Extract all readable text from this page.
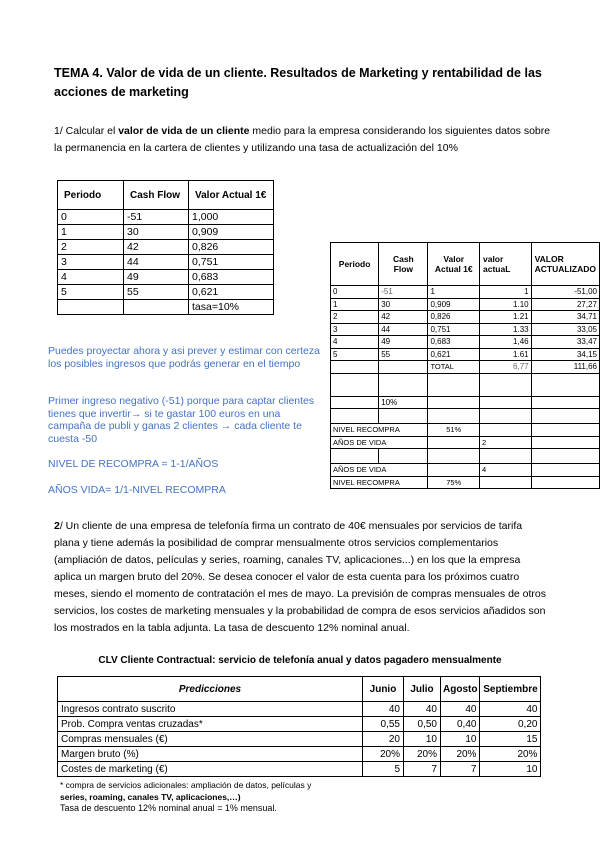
TEMA 4. Valor de vida de un cliente. Resultados de Marketing y rentabilidad de las acciones de marketing
1/ Calcular el valor de vida de un cliente medio para la empresa considerando los siguientes datos sobre la permanencia en la cartera de clientes y utilizando una tasa de actualización del 10%
Periodo	Cash Flow	Valor Actual 1€
0	-51	1,000
1	30	0,909
2	42	0,826
3	44	0,751
4	49	0,683
5	55	0,621
		tasa=10%
Puedes proyectar ahora y asi prever y estimar con certeza los posibles ingresos que podrás generar en el tiempo
Primer ingreso negativo (-51) porque para captar clientes tienes que invertir→ si te gastar 100 euros en una campaña de publi y ganas 2 clientes → cada cliente te cuesta -50
NIVEL DE RECOMPRA = 1-1/AÑOS
AÑOS VIDA= 1/1-NIVEL RECOMPRA
Periodo	Cash Flow	Valor Actual 1€	valor actuaL	VALOR ACTUALIZADO
0	-51	1	1	-51,00
1	30	0,909	1.10	27,27
2	42	0,826	1.21	34,71
3	44	0,751	1.33	33,05
4	49	0,683	1,46	33,47
5	55	0,621	1.61	34,15
		TOTAL	6,77	111,66

	10%			

NIVEL RECOMPRA		51%		
AÑOS DE VIDA			2	

AÑOS DE VIDA			4	
NIVEL RECOMPRA		75%		
2/ Un cliente de una empresa de telefonía firma un contrato de 40€ mensuales por servicios de tarifa plana y tiene además la posibilidad de comprar mensualmente otros servicios complementarios (ampliación de datos, películas y series, roaming, canales TV, aplicaciones...) en los que la empresa aplica un margen bruto del 20%. Se desea conocer el valor de esta cuenta para los próximos cuatro meses, siendo el momento de contratación el mes de mayo. La previsión de compras mensuales de otros servicios, los costes de marketing mensuales y la probabilidad de compra de esos servicios añadidos son los mostrados en la tabla adjunta. La tasa de descuento 12% nominal anual.
CLV Cliente Contractual: servicio de telefonía anual y datos pagadero mensualmente
Predicciones	Junio	Julio	Agosto	Septiembre
Ingresos contrato suscrito	40	40	40	40
Prob. Compra ventas cruzadas*	0,55	0,50	0,40	0,20
Compras mensuales (€)	20	10	10	15
Margen bruto (%)	20%	20%	20%	20%
Costes de marketing (€)	5	7	7	10
* compra de servicios adicionales: ampliación de datos, películas y
series, roaming, canales TV, aplicaciones,…)
Tasa de descuento 12% nominal anual = 1% mensual.
